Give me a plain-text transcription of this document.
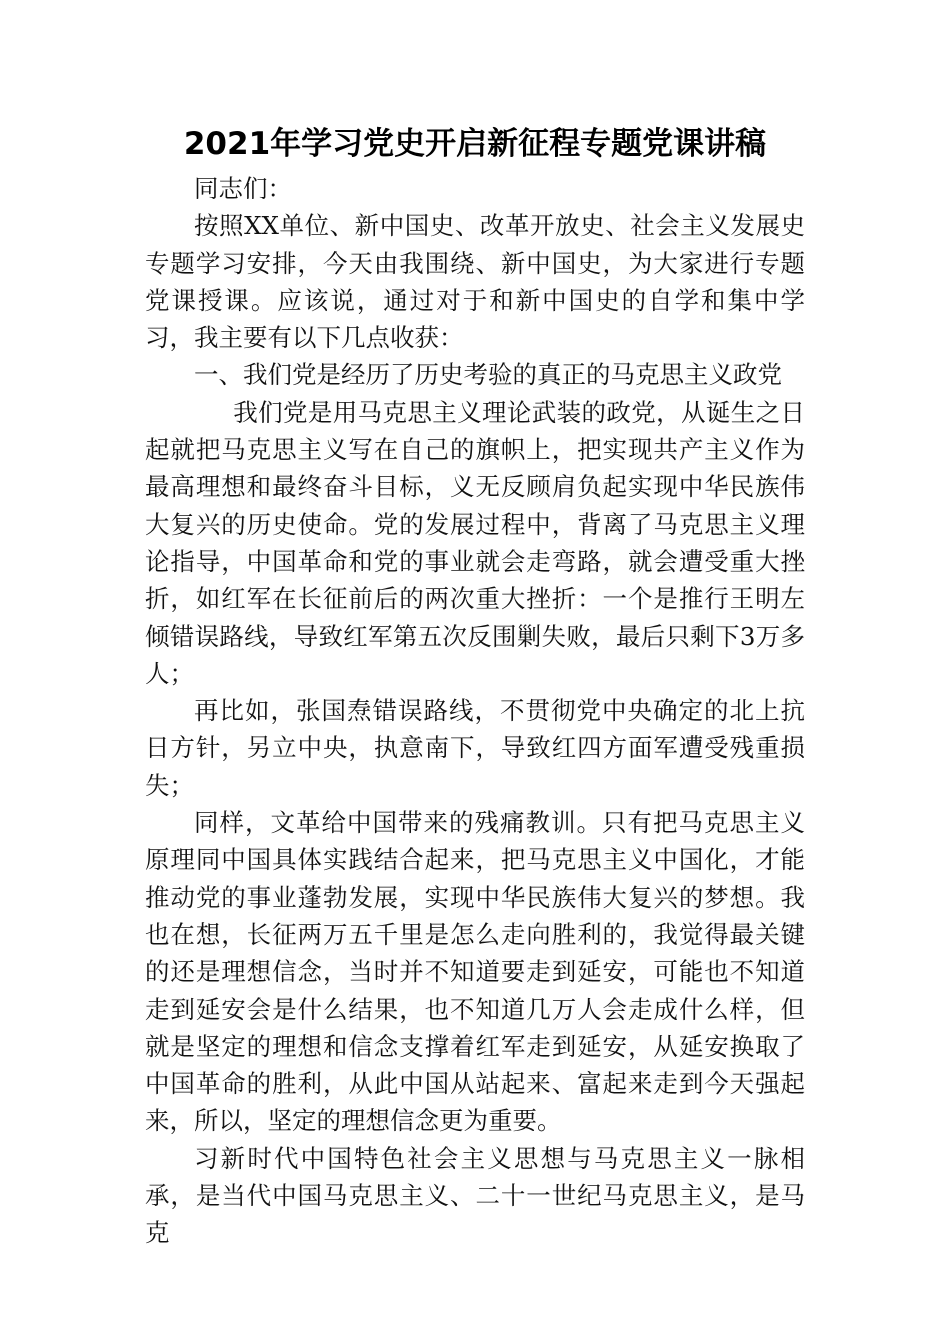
2021年学习党史开启新征程专题党课讲稿

同志们：

按照XX单位、新中国史、改革开放史、社会主义发展史专题学习安排，今天由我围绕、新中国史，为大家进行专题党课授课。应该说，通过对于和新中国史的自学和集中学习，我主要有以下几点收获：

一、我们党是经历了历史考验的真正的马克思主义政党

我们党是用马克思主义理论武装的政党，从诞生之日起就把马克思主义写在自己的旗帜上，把实现共产主义作为最高理想和最终奋斗目标，义无反顾肩负起实现中华民族伟大复兴的历史使命。党的发展过程中，背离了马克思主义理论指导，中国革命和党的事业就会走弯路，就会遭受重大挫折，如红军在长征前后的两次重大挫折：一个是推行王明左倾错误路线，导致红军第五次反围剿失败，最后只剩下3万多人；

再比如，张国焘错误路线，不贯彻党中央确定的北上抗日方针，另立中央，执意南下，导致红四方面军遭受残重损失；

同样，文革给中国带来的残痛教训。只有把马克思主义原理同中国具体实践结合起来，把马克思主义中国化，才能推动党的事业蓬勃发展，实现中华民族伟大复兴的梦想。我也在想，长征两万五千里是怎么走向胜利的，我觉得最关键的还是理想信念，当时并不知道要走到延安，可能也不知道走到延安会是什么结果，也不知道几万人会走成什么样，但就是坚定的理想和信念支撑着红军走到延安，从延安换取了中国革命的胜利，从此中国从站起来、富起来走到今天强起来，所以，坚定的理想信念更为重要。

习新时代中国特色社会主义思想与马克思主义一脉相承，是当代中国马克思主义、二十一世纪马克思主义，是马克
